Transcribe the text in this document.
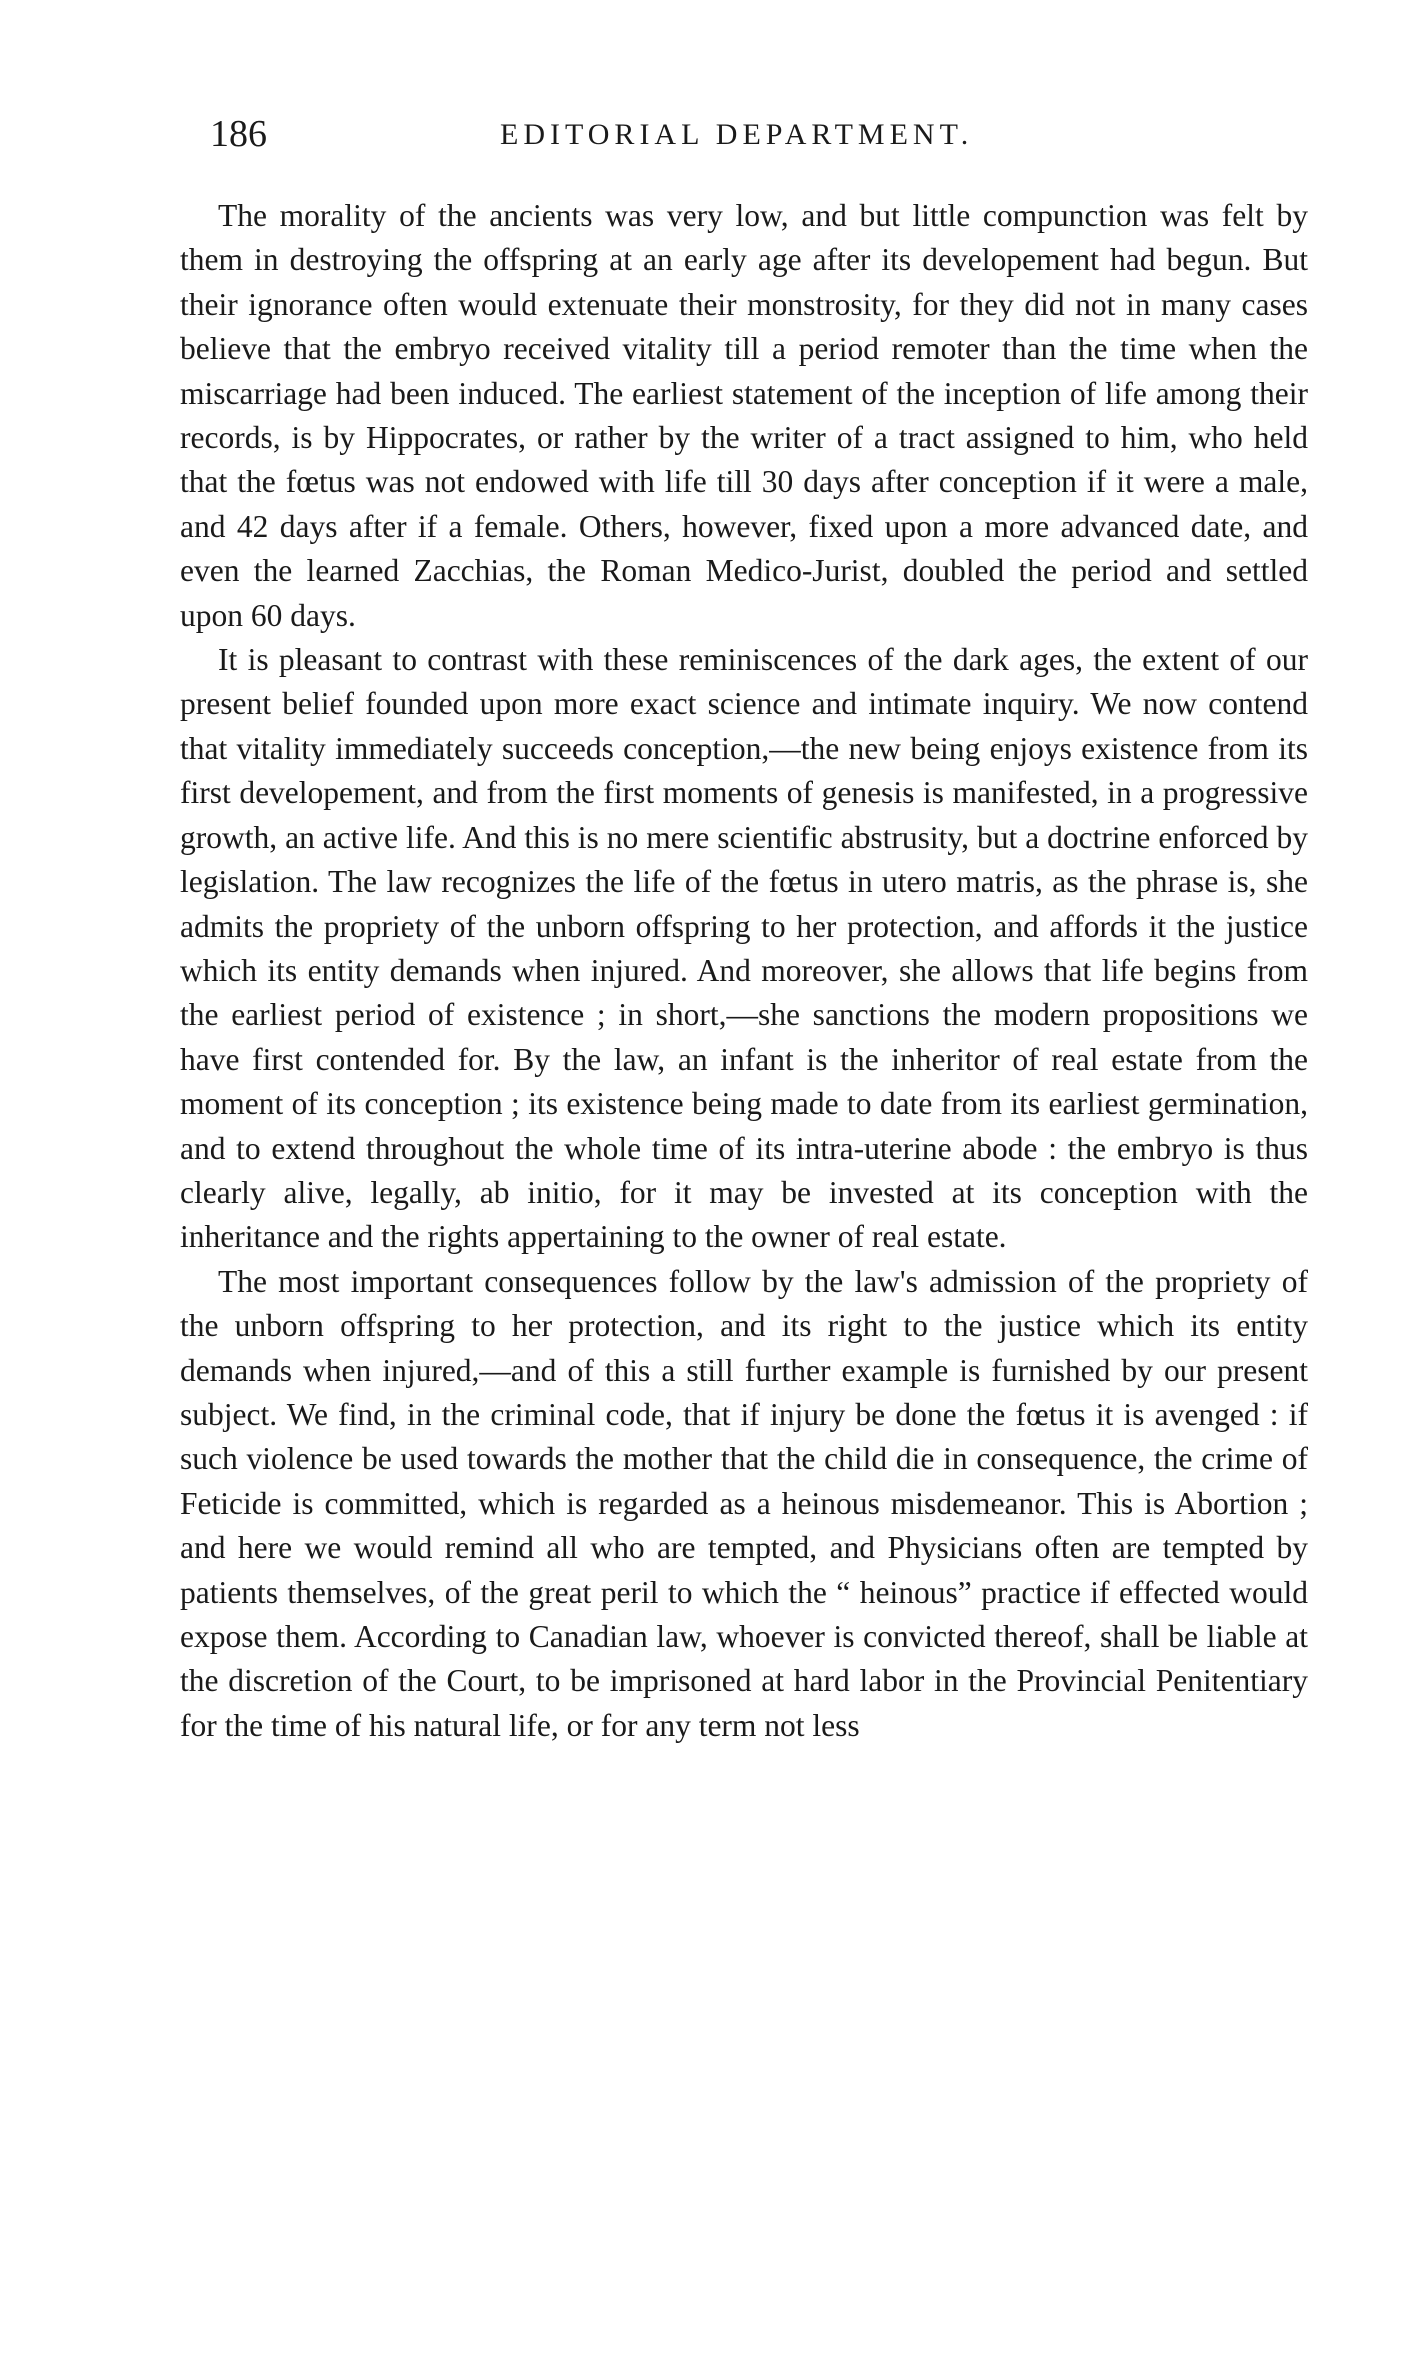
186	EDITORIAL DEPARTMENT.

The morality of the ancients was very low, and but little compunction was felt by them in destroying the offspring at an early age after its developement had begun. But their ignorance often would extenuate their monstrosity, for they did not in many cases believe that the embryo received vitality till a period remoter than the time when the miscarriage had been induced. The earliest statement of the inception of life among their records, is by Hippocrates, or rather by the writer of a tract assigned to him, who held that the fœtus was not endowed with life till 30 days after conception if it were a male, and 42 days after if a female. Others, however, fixed upon a more advanced date, and even the learned Zacchias, the Roman Medico-Jurist, doubled the period and settled upon 60 days.

It is pleasant to contrast with these reminiscences of the dark ages, the extent of our present belief founded upon more exact science and intimate inquiry. We now contend that vitality immediately succeeds conception,—the new being enjoys existence from its first developement, and from the first moments of genesis is manifested, in a progressive growth, an active life. And this is no mere scientific abstrusity, but a doctrine enforced by legislation. The law recognizes the life of the fœtus in utero matris, as the phrase is, she admits the propriety of the unborn offspring to her protection, and affords it the justice which its entity demands when injured. And moreover, she allows that life begins from the earliest period of existence ; in short,—she sanctions the modern propositions we have first contended for. By the law, an infant is the inheritor of real estate from the moment of its conception ; its existence being made to date from its earliest germination, and to extend throughout the whole time of its intra-uterine abode : the embryo is thus clearly alive, legally, ab initio, for it may be invested at its conception with the inheritance and the rights appertaining to the owner of real estate.

The most important consequences follow by the law's admission of the propriety of the unborn offspring to her protection, and its right to the justice which its entity demands when injured,—and of this a still further example is furnished by our present subject. We find, in the criminal code, that if injury be done the fœtus it is avenged : if such violence be used towards the mother that the child die in consequence, the crime of Feticide is committed, which is regarded as a heinous misdemeanor. This is Abortion ; and here we would remind all who are tempted, and Physicians often are tempted by patients themselves, of the great peril to which the “ heinous” practice if effected would expose them. According to Canadian law, whoever is convicted thereof, shall be liable at the discretion of the Court, to be imprisoned at hard labor in the Provincial Penitentiary for the time of his natural life, or for any term not less
